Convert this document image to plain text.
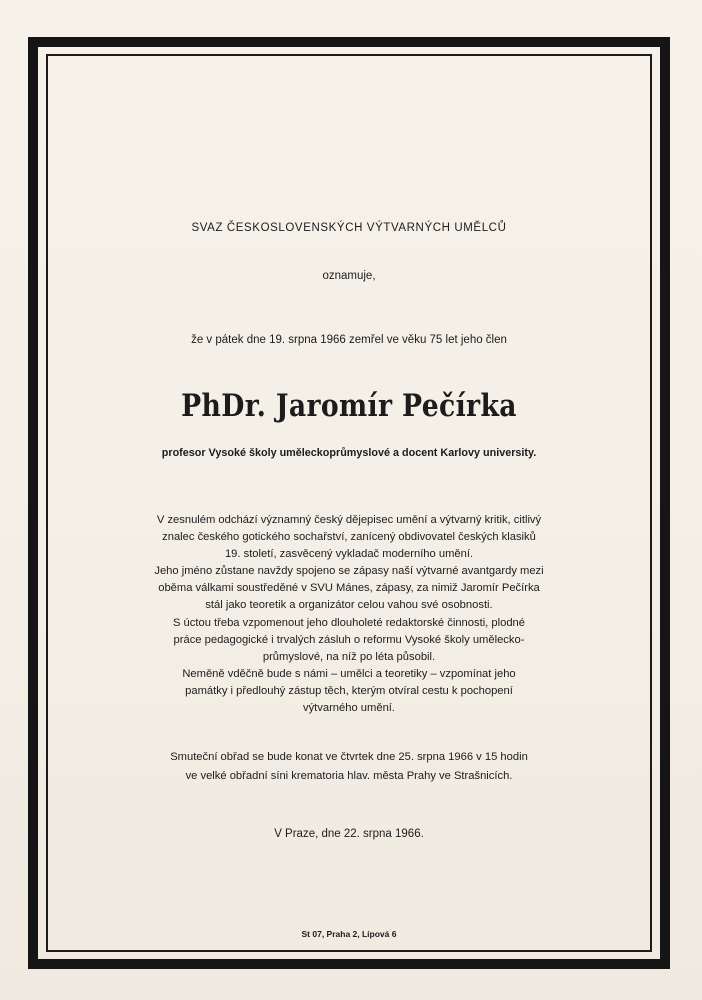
SVAZ ČESKOSLOVENSKÝCH VÝTVARNÝCH UMĚLCŮ
oznamuje,
že v pátek dne 19. srpna 1966 zemřel ve věku 75 let jeho člen
PhDr. Jaromír Pečírka
profesor Vysoké školy uměleckoprůmyslové a docent Karlovy university.
V zesnulém odchází významný český dějepisec umění a výtvarný kritik, citlivý
znalec českého gotického sochařství, zanícený obdivovatel českých klasiků
19. století, zasvěcený vykladač moderního umění.
Jeho jméno zůstane navždy spojeno se zápasy naší výtvarné avantgardy mezi
oběma válkami soustředěné v SVU Mánes, zápasy, za nimiž Jaromír Pečírka
stál jako teoretik a organizátor celou vahou své osobnosti.
S úctou třeba vzpomenout jeho dlouholeté redaktorské činnosti, plodné
práce pedagogické i trvalých zásluh o reformu Vysoké školy umělecko-
průmyslové, na níž po léta působil.
Neměně vděčně bude s námi – umělci a teoretiky – vzpomínat jeho
památky i předlouhý zástup těch, kterým otvíral cestu k pochopení
výtvarného umění.
Smuteční obřad se bude konat ve čtvrtek dne 25. srpna 1966 v 15 hodin
ve velké obřadní síni krematoria hlav. města Prahy ve Strašnicích.
V Praze, dne 22. srpna 1966.
St 07, Praha 2, Lípová 6
